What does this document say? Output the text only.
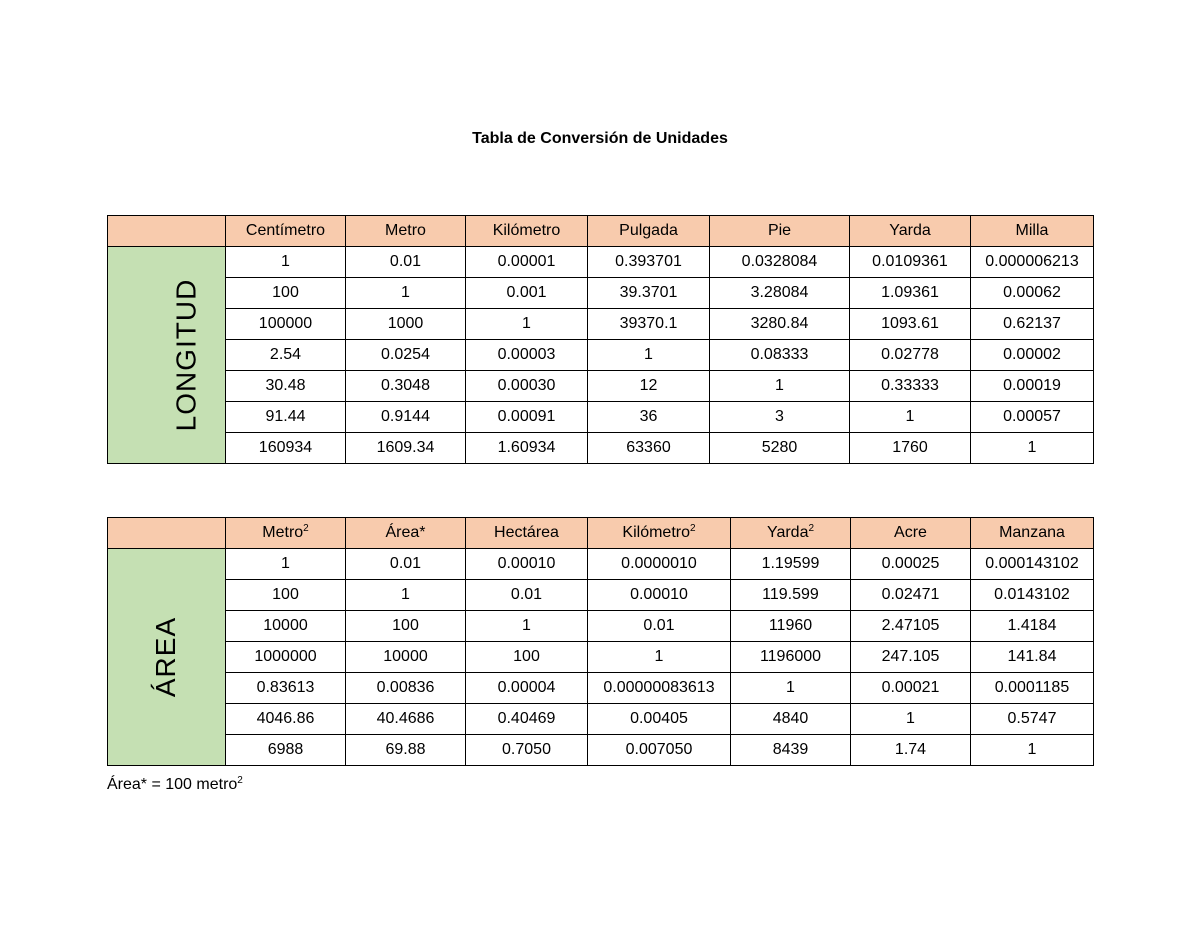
Tabla de Conversión de Unidades
	Centímetro	Metro	Kilómetro	Pulgada	Pie	Yarda	Milla
LONGITUD	1	0.01	0.00001	0.393701	0.0328084	0.0109361	0.000006213
	100	1	0.001	39.3701	3.28084	1.09361	0.00062
	100000	1000	1	39370.1	3280.84	1093.61	0.62137
	2.54	0.0254	0.00003	1	0.08333	0.02778	0.00002
	30.48	0.3048	0.00030	12	1	0.33333	0.00019
	91.44	0.9144	0.00091	36	3	1	0.00057
	160934	1609.34	1.60934	63360	5280	1760	1
	Metro$^2$	Área*	Hectárea	Kilómetro$^2$	Yarda$^2$	Acre	Manzana
ÁREA	1	0.01	0.00010	0.0000010	1.19599	0.00025	0.000143102
	100	1	0.01	0.00010	119.599	0.02471	0.0143102
	10000	100	1	0.01	11960	2.47105	1.4184
	1000000	10000	100	1	1196000	247.105	141.84
	0.83613	0.00836	0.00004	0.00000083613	1	0.00021	0.0001185
	4046.86	40.4686	0.40469	0.00405	4840	1	0.5747
	6988	69.88	0.7050	0.007050	8439	1.74	1
Área* = 100 metro$^2$
